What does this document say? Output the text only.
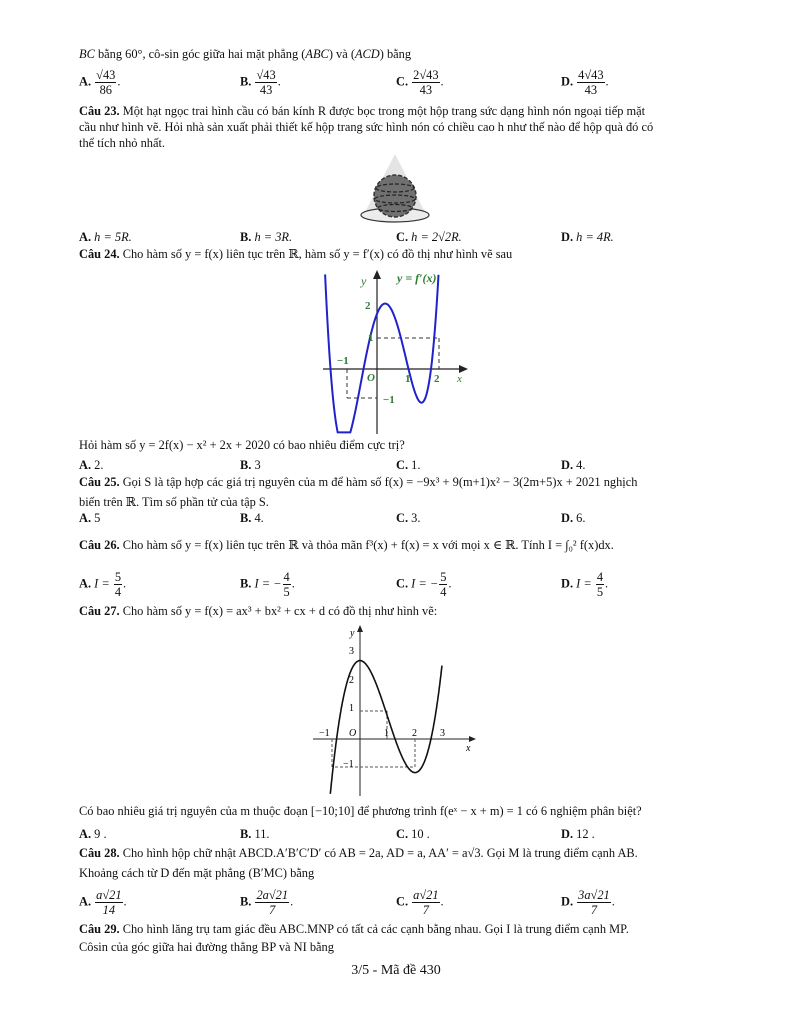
BC bằng 60°, cô-sin góc giữa hai mặt phẳng (ABC) và (ACD) bằng
A. $\frac{√43}{86}$ .	B. $\frac{√43}{43}$ .	C. $\frac{2√43}{43}$ .	D. $\frac{4√43}{43}$ .
Câu 23. Một hạt ngọc trai hình cầu có bán kính R được bọc trong một hộp trang sức dạng hình nón ngoại tiếp mặt
cầu như hình vẽ. Hỏi nhà sản xuất phải thiết kế hộp trang sức hình nón có chiều cao h như thế nào để hộp quà đó có
thể tích nhỏ nhất.
A. h = 5R.	B. h = 3R.	C. h = 2√2R.	D. h = 4R.
Câu 24. Cho hàm số y = f(x) liên tục trên ℝ, hàm số y = f′(x) có đồ thị như hình vẽ sau
y	y = f′(x)
2
1
−1
−1
1 2
O	x
Hỏi hàm số y = 2f(x) − x² + 2x + 2020 có bao nhiêu điểm cực trị?
A. 2.	B. 3	C. 1.	D. 4.
Câu 25. Gọi S là tập hợp các giá trị nguyên của m để hàm số f(x) = −9x³ + 9(m+1)x² − 3(2m+5)x + 2021 nghịch
biến trên ℝ. Tìm số phần tử của tập S.
A. 5	B. 4.	C. 3.	D. 6.
Câu 26. Cho hàm số y = f(x) liên tục trên ℝ và thỏa mãn f³(x) + f(x) = x với mọi x ∈ ℝ. Tính I = ∫₀² f(x)dx.
A. $I = \frac{5}{4}$ .	B. I = − $\frac{4}{5}$ .	C. I = − $\frac{5}{4}$ .	D. $I = \frac{4}{5}$ .
Câu 27. Cho hàm số y = f(x) = ax³ + bx² + cx + d có đồ thị như hình vẽ:
y
3
2
1
−1
−1	1 2 3
O
x
Có bao nhiêu giá trị nguyên của m thuộc đoạn [−10;10] để phương trình f(eˣ − x + m) = 1 có 6 nghiệm phân biệt?
A. 9 .	B. 11.	C. 10 .	D. 12 .
Câu 28. Cho hình hộp chữ nhật ABCD.A′B′C′D′ có AB = 2a, AD = a, AA′ = a√3. Gọi M là trung điểm cạnh AB.
Khoảng cách từ D đến mặt phẳng (B′MC) bằng
A. $\frac{a√21}{14}$ .	B. $\frac{2a√21}{7}$ .	C. $\frac{a√21}{7}$ .	D. $\frac{3a√21}{7}$ .
Câu 29. Cho hình lăng trụ tam giác đều ABC.MNP có tất cả các cạnh bằng nhau. Gọi I là trung điểm cạnh MP.
Côsin của góc giữa hai đường thẳng BP và NI bằng
3/5 - Mã đề 430
